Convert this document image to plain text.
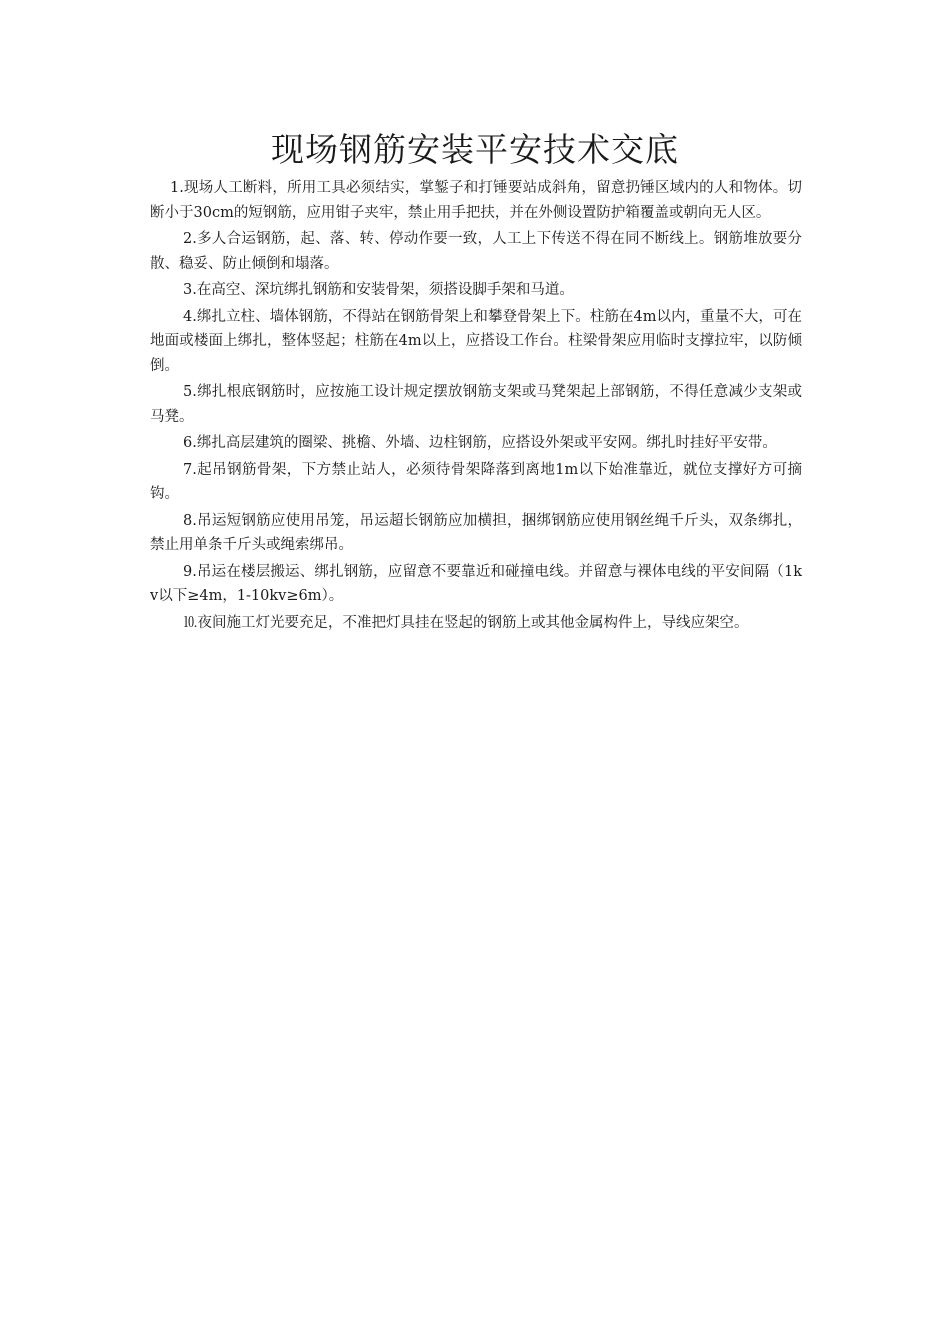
现场钢筋安装平安技术交底

1.现场人工断料，所用工具必须结实，掌錾子和打锤要站成斜角，留意扔锤区域内的人和物体。切断小于30cm的短钢筋，应用钳子夹牢，禁止用手把扶，并在外侧设置防护箱覆盖或朝向无人区。

2.多人合运钢筋，起、落、转、停动作要一致，人工上下传送不得在同不断线上。钢筋堆放要分散、稳妥、防止倾倒和塌落。

3.在高空、深坑绑扎钢筋和安装骨架，须搭设脚手架和马道。

4.绑扎立柱、墙体钢筋，不得站在钢筋骨架上和攀登骨架上下。柱筋在4m以内，重量不大，可在地面或楼面上绑扎，整体竖起；柱筋在4m以上，应搭设工作台。柱梁骨架应用临时支撑拉牢，以防倾倒。

5.绑扎根底钢筋时，应按施工设计规定摆放钢筋支架或马凳架起上部钢筋，不得任意减少支架或马凳。

6.绑扎高层建筑的圈梁、挑檐、外墙、边柱钢筋，应搭设外架或平安网。绑扎时挂好平安带。

7.起吊钢筋骨架，下方禁止站人，必须待骨架降落到离地1m以下始准靠近，就位支撑好方可摘钩。

8.吊运短钢筋应使用吊笼，吊运超长钢筋应加横担，捆绑钢筋应使用钢丝绳千斤头，双条绑扎，禁止用单条千斤头或绳索绑吊。

9.吊运在楼层搬运、绑扎钢筋，应留意不要靠近和碰撞电线。并留意与裸体电线的平安间隔（1kv以下≥4m，1-10kv≥6m）。

⒑夜间施工灯光要充足，不准把灯具挂在竖起的钢筋上或其他金属构件上，导线应架空。
